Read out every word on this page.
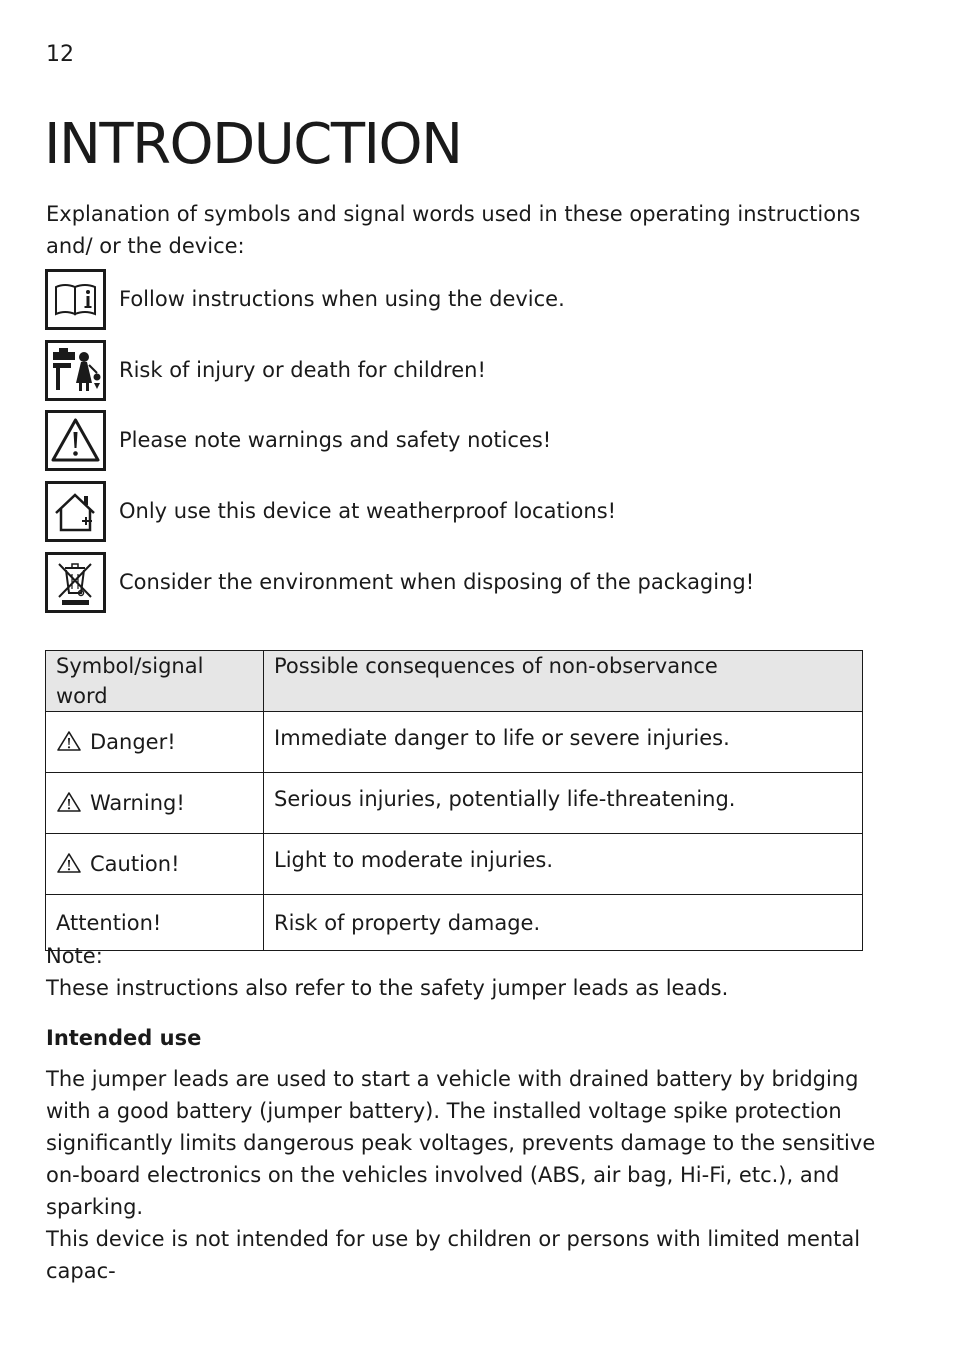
12
INTRODUCTION

Explanation of symbols and signal words used in these operating instructions and/ or the device:

Follow instructions when using the device.
Risk of injury or death for children!
Please note warnings and safety notices!
Only use this device at weatherproof locations!
Consider the environment when disposing of the packaging!
Symbol/signal word	Possible consequences of non-observance
Danger!	Immediate danger to life or severe injuries.
Warning!	Serious injuries, potentially life-threatening.
Caution!	Light to moderate injuries.
Attention!	Risk of property damage.
Note:
These instructions also refer to the safety jumper leads as leads.
Intended use

The jumper leads are used to start a vehicle with drained battery by bridging with a good battery (jumper battery). The installed voltage spike protection significantly limits dangerous peak voltages, prevents damage to the sensitive on-board electronics on the vehicles involved (ABS, air bag, Hi-Fi, etc.), and sparking.

This device is not intended for use by children or persons with limited mental capac-
